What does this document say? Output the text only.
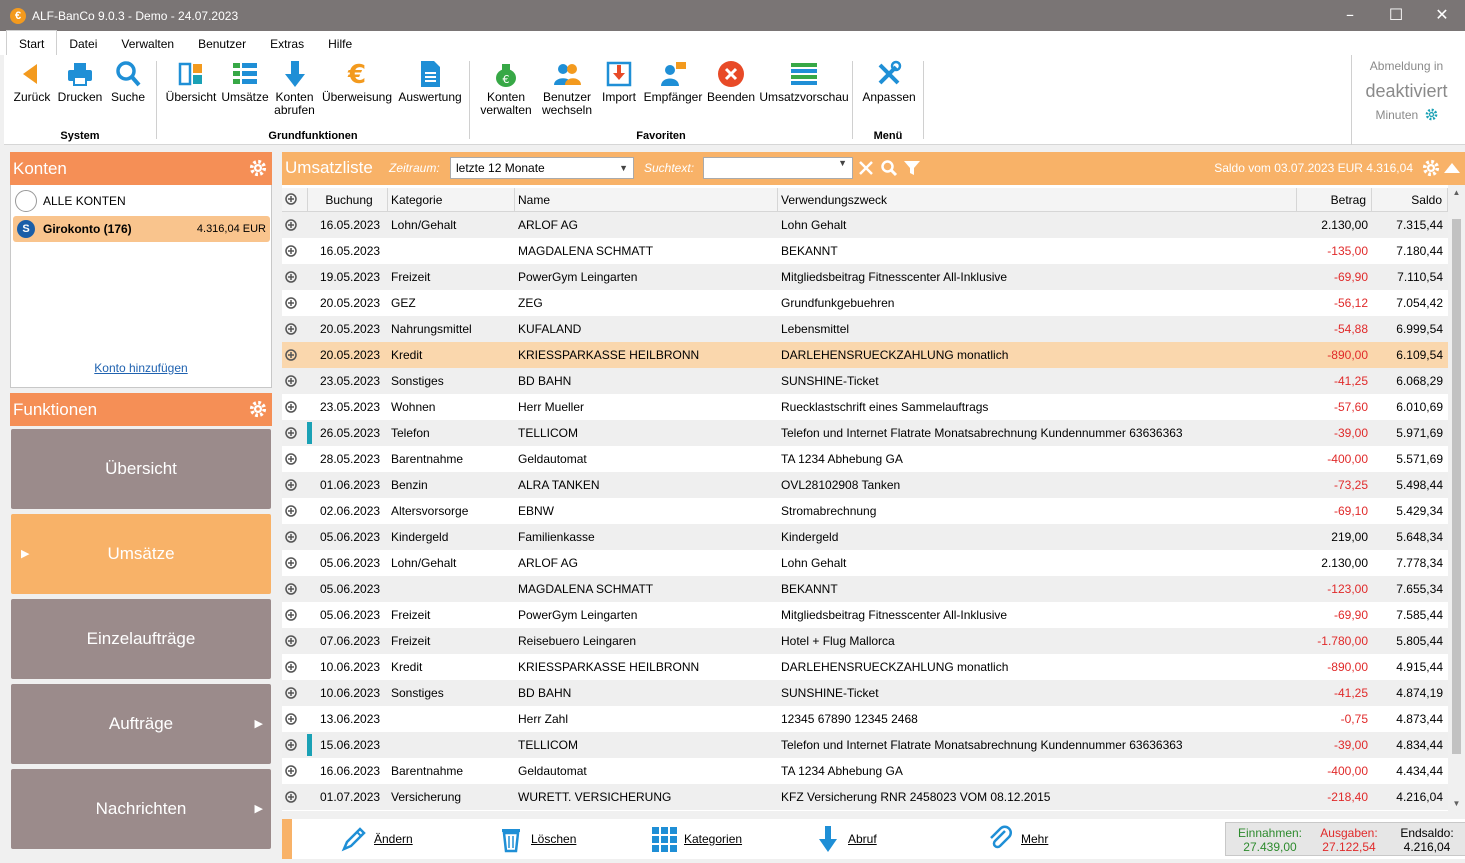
€ ALF-BanCo 9.0.3 - Demo - 24.07.2023	–	☐	✕
Start	Datei	Verwalten	Benutzer	Extras	Hilfe
Zurück Drucken Suche
System
Übersicht Umsätze Konten
abrufen
€
Überweisung Auswertung
Grundfunktionen
€
Konten
verwalten
Benutzer
wechseln
Import Empfänger Beenden Umsatzvorschau
Favoriten
Anpassen
Menü
Abmeldung in
deaktiviert
Minuten
Konten
ALLE KONTEN
S	Girokonto (176)	4.316,04 EUR
Konto hinzufügen
Funktionen
Übersicht
▶	Umsätze
Einzelaufträge
Aufträge	▶
Nachrichten	▶
Umsatzliste Zeitraum:	letzte 12 Monate	▼ Suchtext:	▼	Saldo vom 03.07.2023 EUR 4.316,04
Buchung	Kategorie	Name	Verwendungszweck	Betrag	Saldo
16.05.2023 Lohn/Gehalt	ARLOF AG	Lohn Gehalt	2.130,00	7.315,44
16.05.2023	MAGDALENA SCHMATT	BEKANNT	-135,00	7.180,44
19.05.2023 Freizeit	PowerGym Leingarten	Mitgliedsbeitrag Fitnesscenter All-Inklusive	-69,90	7.110,54
20.05.2023 GEZ	ZEG	Grundfunkgebuehren	-56,12	7.054,42
20.05.2023 Nahrungsmittel	KUFALAND	Lebensmittel	-54,88	6.999,54
20.05.2023 Kredit	KRIESSPARKASSE HEILBRONN	DARLEHENSRUECKZAHLUNG monatlich	-890,00	6.109,54
23.05.2023 Sonstiges	BD BAHN	SUNSHINE-Ticket	-41,25	6.068,29
23.05.2023 Wohnen	Herr Mueller	Ruecklastschrift eines Sammelauftrags	-57,60	6.010,69
26.05.2023 Telefon	TELLICOM	Telefon und Internet Flatrate Monatsabrechnung Kundennummer 63636363	-39,00	5.971,69
28.05.2023 Barentnahme	Geldautomat	TA 1234 Abhebung GA	-400,00	5.571,69
01.06.2023 Benzin	ALRA TANKEN	OVL28102908 Tanken	-73,25	5.498,44
02.06.2023 Altersvorsorge	EBNW	Stromabrechnung	-69,10	5.429,34
05.06.2023 Kindergeld	Familienkasse	Kindergeld	219,00	5.648,34
05.06.2023 Lohn/Gehalt	ARLOF AG	Lohn Gehalt	2.130,00	7.778,34
05.06.2023	MAGDALENA SCHMATT	BEKANNT	-123,00	7.655,34
05.06.2023 Freizeit	PowerGym Leingarten	Mitgliedsbeitrag Fitnesscenter All-Inklusive	-69,90	7.585,44
07.06.2023 Freizeit	Reisebuero Leingaren	Hotel + Flug Mallorca	-1.780,00	5.805,44
10.06.2023 Kredit	KRIESSPARKASSE HEILBRONN	DARLEHENSRUECKZAHLUNG monatlich	-890,00	4.915,44
10.06.2023 Sonstiges	BD BAHN	SUNSHINE-Ticket	-41,25	4.874,19
13.06.2023	Herr Zahl	12345 67890 12345 2468	-0,75	4.873,44
15.06.2023	TELLICOM	Telefon und Internet Flatrate Monatsabrechnung Kundennummer 63636363	-39,00	4.834,44
16.06.2023 Barentnahme	Geldautomat	TA 1234 Abhebung GA	-400,00	4.434,44
01.07.2023 Versicherung	WURETT. VERSICHERUNG	KFZ Versicherung RNR 2458023 VOM 08.12.2015	-218,40	4.216,04
▲
▼
Ändern	Löschen	Kategorien	Abruf	Mehr	Einnahmen:
27.439,00
Ausgaben:
27.122,54
Endsaldo:
4.216,04
